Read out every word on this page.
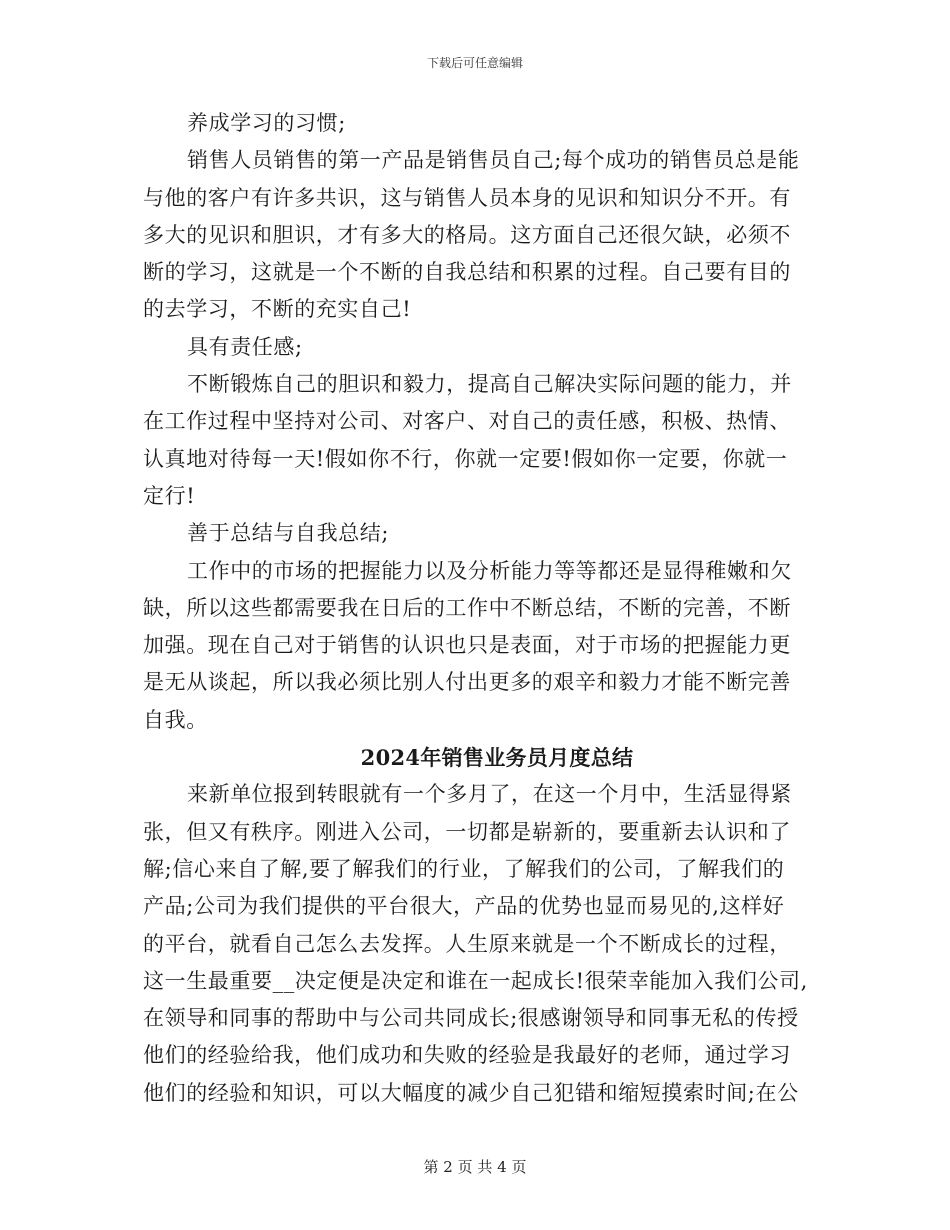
下载后可任意编辑
养成学习的习惯;
销售人员销售的第一产品是销售员自己;每个成功的销售员总是能
与他的客户有许多共识，这与销售人员本身的见识和知识分不开。有
多大的见识和胆识，才有多大的格局。这方面自己还很欠缺，必须不
断的学习，这就是一个不断的自我总结和积累的过程。自己要有目的
的去学习，不断的充实自己!
具有责任感;
不断锻炼自己的胆识和毅力，提高自己解决实际问题的能力，并
在工作过程中坚持对公司、对客户、对自己的责任感，积极、热情、
认真地对待每一天!假如你不行，你就一定要!假如你一定要，你就一
定行!
善于总结与自我总结;
工作中的市场的把握能力以及分析能力等等都还是显得稚嫩和欠
缺，所以这些都需要我在日后的工作中不断总结，不断的完善，不断
加强。现在自己对于销售的认识也只是表面，对于市场的把握能力更
是无从谈起，所以我必须比别人付出更多的艰辛和毅力才能不断完善
自我。
2024年销售业务员月度总结
来新单位报到转眼就有一个多月了，在这一个月中，生活显得紧
张，但又有秩序。刚进入公司，一切都是崭新的，要重新去认识和了
解;信心来自了解,要了解我们的行业，了解我们的公司，了解我们的
产品;公司为我们提供的平台很大，产品的优势也显而易见的,这样好
的平台，就看自己怎么去发挥。人生原来就是一个不断成长的过程，
这一生最重要__决定便是决定和谁在一起成长!很荣幸能加入我们公司,
在领导和同事的帮助中与公司共同成长;很感谢领导和同事无私的传授
他们的经验给我，他们成功和失败的经验是我最好的老师，通过学习
他们的经验和知识，可以大幅度的减少自己犯错和缩短摸索时间;在公
第 2 页 共 4 页
